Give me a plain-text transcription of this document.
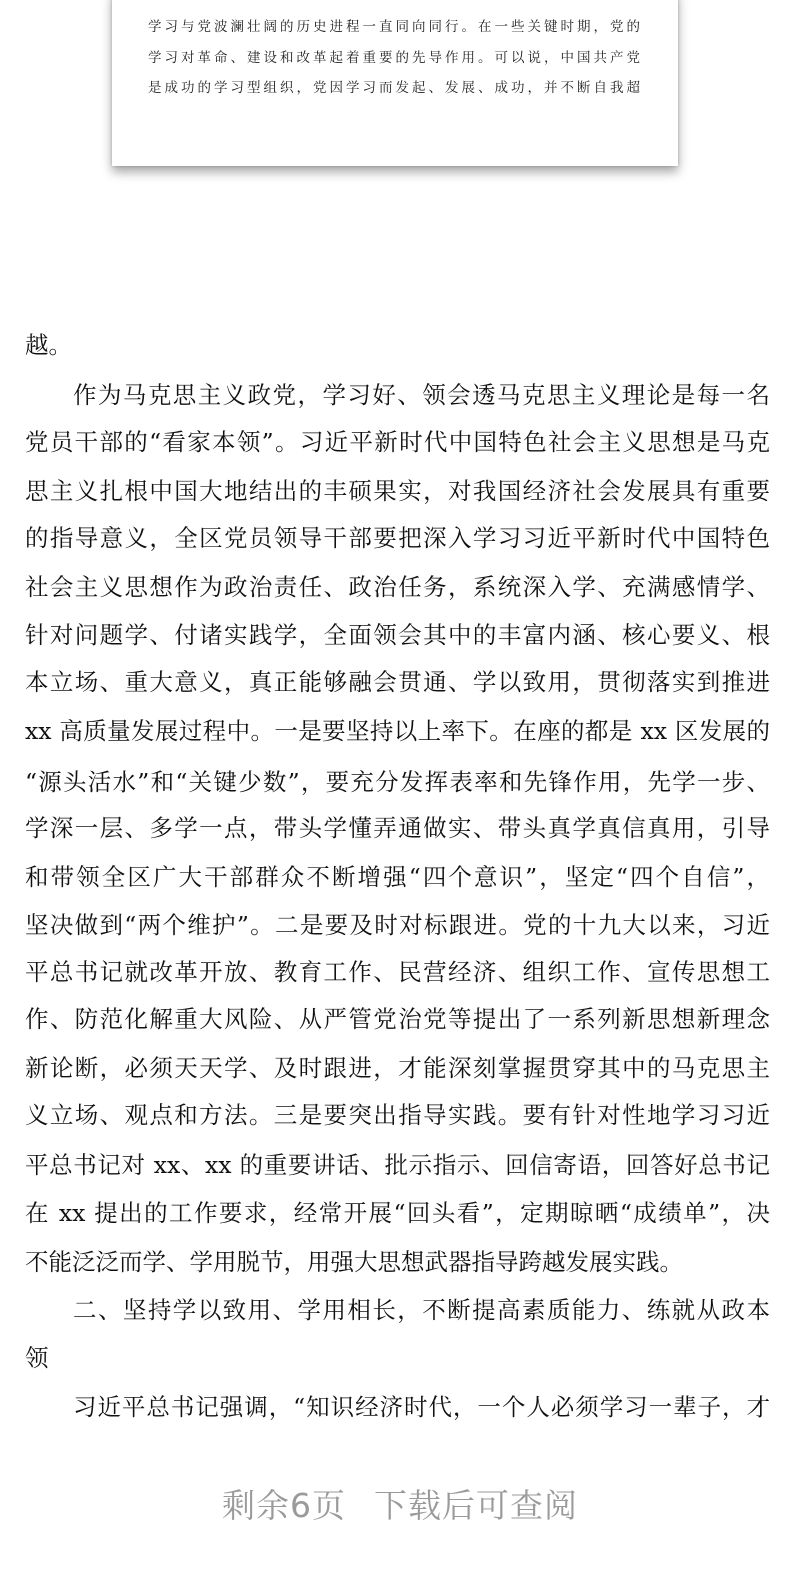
学习与党波澜壮阔的历史进程一直同向同行。在一些关键时期，党的
学习对革命、建设和改革起着重要的先导作用。可以说，中国共产党
是成功的学习型组织，党因学习而发起、发展、成功，并不断自我超
越。
作为马克思主义政党，学习好、领会透马克思主义理论是每一名
党员干部的“看家本领”。习近平新时代中国特色社会主义思想是马克
思主义扎根中国大地结出的丰硕果实，对我国经济社会发展具有重要
的指导意义，全区党员领导干部要把深入学习习近平新时代中国特色
社会主义思想作为政治责任、政治任务，系统深入学、充满感情学、
针对问题学、付诸实践学，全面领会其中的丰富内涵、核心要义、根
本立场、重大意义，真正能够融会贯通、学以致用，贯彻落实到推进
xx 高质量发展过程中。一是要坚持以上率下。在座的都是 xx 区发展的
“源头活水”和“关键少数”，要充分发挥表率和先锋作用，先学一步、
学深一层、多学一点，带头学懂弄通做实、带头真学真信真用，引导
和带领全区广大干部群众不断增强“四个意识”，坚定“四个自信”，
坚决做到“两个维护”。二是要及时对标跟进。党的十九大以来，习近
平总书记就改革开放、教育工作、民营经济、组织工作、宣传思想工
作、防范化解重大风险、从严管党治党等提出了一系列新思想新理念
新论断，必须天天学、及时跟进，才能深刻掌握贯穿其中的马克思主
义立场、观点和方法。三是要突出指导实践。要有针对性地学习习近
平总书记对 xx、xx 的重要讲话、批示指示、回信寄语，回答好总书记
在 xx 提出的工作要求，经常开展“回头看”，定期晾晒“成绩单”，决
不能泛泛而学、学用脱节，用强大思想武器指导跨越发展实践。
二、坚持学以致用、学用相长，不断提高素质能力、练就从政本
领
习近平总书记强调，“知识经济时代，一个人必须学习一辈子，才
剩余6页 下载后可查阅
